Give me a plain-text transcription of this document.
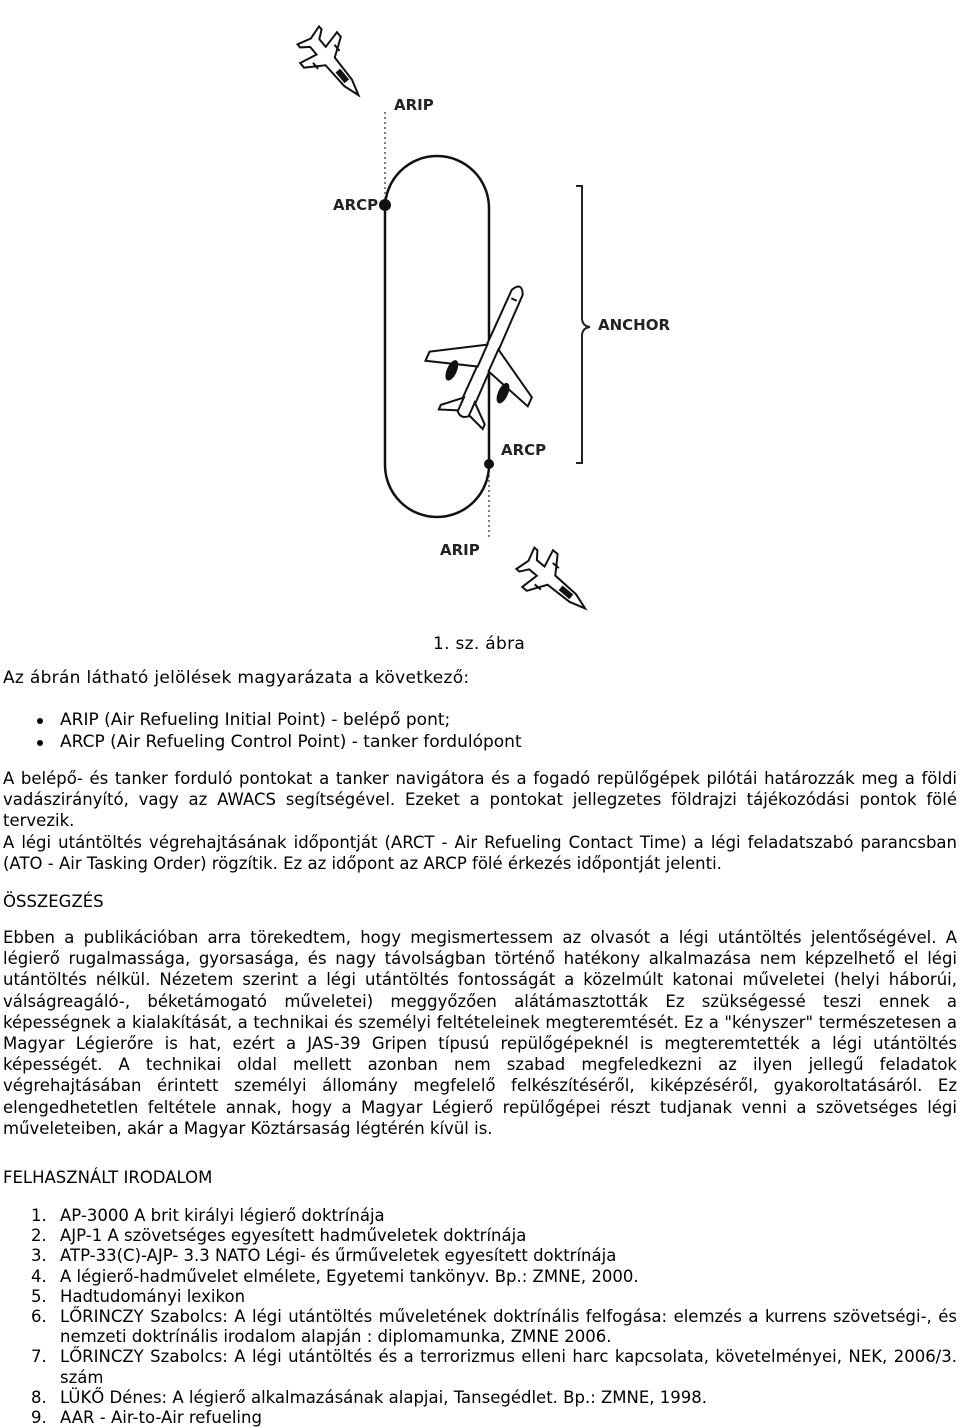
ARIP
ARCP
ANCHOR
ARCP
ARIP
1. sz. ábra
Az ábrán látható jelölések magyarázata a következő:
ARIP (Air Refueling Initial Point) - belépő pont;
ARCP (Air Refueling Control Point) - tanker fordulópont

A belépő- és tanker forduló pontokat a tanker navigátora és a fogadó repülőgépek pilótái határozzák meg a földi vadászirányító, vagy az AWACS segítségével. Ezeket a pontokat jellegzetes földrajzi tájékozódási pontok fölé tervezik.

A légi utántöltés végrehajtásának időpontját (ARCT - Air Refueling Contact Time) a légi feladatszabó parancsban (ATO - Air Tasking Order) rögzítik. Ez az időpont az ARCP fölé érkezés időpontját jelenti.

ÖSSZEGZÉS

Ebben a publikációban arra törekedtem, hogy megismertessem az olvasót a légi utántöltés jelentőségével. A légierő rugalmassága, gyorsasága, és nagy távolságban történő hatékony alkalmazása nem képzelhető el légi utántöltés nélkül. Nézetem szerint a légi utántöltés fontosságát a közelmúlt katonai műveletei (helyi háborúi, válságreagáló-, béketámogató műveletei) meggyőzően alátámasztották Ez szükségessé teszi ennek a képességnek a kialakítását, a technikai és személyi feltételeinek megteremtését. Ez a "kényszer" természetesen a Magyar Légierőre is hat, ezért a JAS-39 Gripen típusú repülőgépeknél is megteremtették a légi utántöltés képességét. A technikai oldal mellett azonban nem szabad megfeledkezni az ilyen jellegű feladatok végrehajtásában érintett személyi állomány megfelelő felkészítéséről, kiképzéséről, gyakoroltatásáról. Ez elengedhetetlen feltétele annak, hogy a Magyar Légierő repülőgépei részt tudjanak venni a szövetséges légi műveleteiben, akár a Magyar Köztársaság légtérén kívül is.

FELHASZNÁLT IRODALOM

1. AP-3000 A brit királyi légierő doktrínája
2. AJP-1 A szövetséges egyesített hadműveletek doktrínája
3. ATP-33(C)-AJP- 3.3 NATO Légi- és űrműveletek egyesített doktrínája
4. A légierő-hadművelet elmélete, Egyetemi tankönyv. Bp.: ZMNE, 2000.
5. Hadtudományi lexikon
6. LŐRINCZY Szabolcs: A légi utántöltés műveletének doktrínális felfogása: elemzés a kurrens szövetségi-, és nemzeti doktrínális irodalom alapján : diplomamunka, ZMNE 2006.
7. LŐRINCZY Szabolcs: A légi utántöltés és a terrorizmus elleni harc kapcsolata, követelményei, NEK, 2006/3. szám
8. LÜKŐ Dénes: A légierő alkalmazásának alapjai, Tansegédlet. Bp.: ZMNE, 1998.
9. AAR - Air-to-Air refueling
